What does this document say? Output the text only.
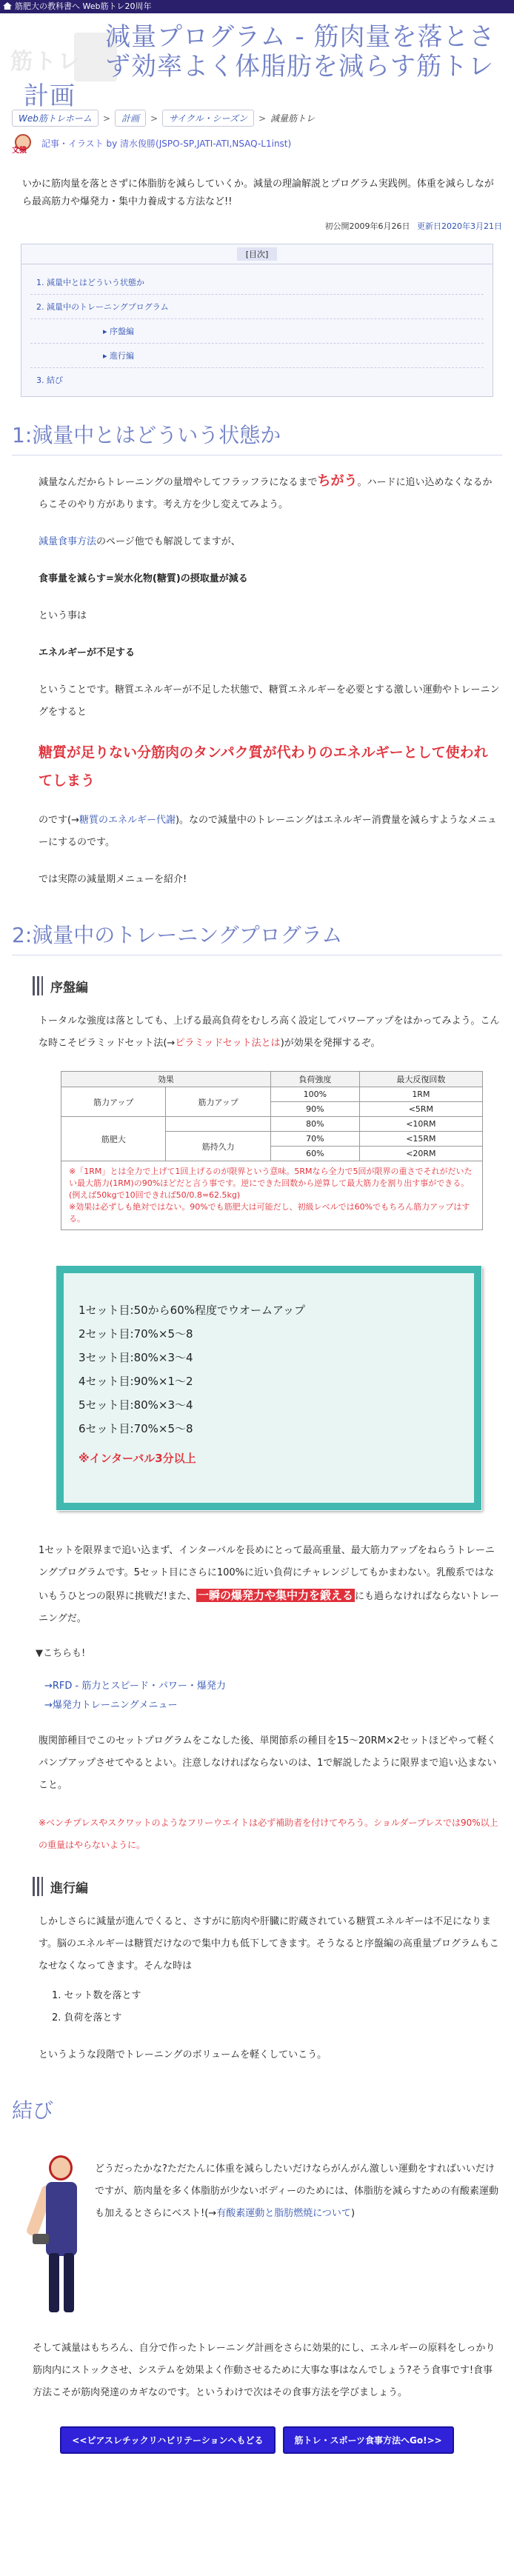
筋肥大の教科書へ Web筋トレ20周年
筋トレ
減量プログラム - 筋肉量を落とさ
ず効率よく体脂肪を減らす筋トレ
計画
Web筋トレホーム	>	計画	>	サイクル・シーズン	> 減量筋トレ
文猿
記事・イラスト by 清水俊勝(JSPO-SP,JATI-ATI,NSAQ-L1inst)

いかに筋肉量を落とさずに体脂肪を減らしていくか。減量の理論解説とプログラム実践例。体重を減らしながら最高筋力や爆発力・集中力養成する方法など!!

初公開2009年6月26日 更新日2020年3月21日
[目次]
1. 減量中とはどういう状態か
2. 減量中のトレーニングプログラム
▸ 序盤編
▸ 進行編
3. 結び
1:減量中とはどういう状態か

減量なんだからトレーニングの量増やしてフラッフラになるまでちがう。ハードに追い込めなくなるからこそのやり方があります。考え方を少し変えてみよう。

減量食事方法のページ他でも解説してますが、

食事量を減らす=炭水化物(糖質)の摂取量が減る

という事は

エネルギーが不足する

ということです。糖質エネルギーが不足した状態で、糖質エネルギーを必要とする激しい運動やトレーニングをすると

糖質が足りない分筋肉のタンパク質が代わりのエネルギーとして使われてしまう

のです(→糖質のエネルギー代謝)。なので減量中のトレーニングはエネルギー消費量を減らすようなメニューにするのです。

では実際の減量期メニューを紹介!

2:減量中のトレーニングプログラム
序盤編

トータルな強度は落としても、上げる最高負荷をむしろ高く設定してパワーアップをはかってみよう。こんな時こそピラミッドセット法(→ピラミッドセット法とは)が効果を発揮するぞ。

効果		負荷強度	最大反復回数
筋力アップ	筋力アップ	100%	1RM
		90%	<5RM
筋肥大		80%	<10RM
	筋持久力	70%	<15RM
		60%	<20RM
※「1RM」とは全力で上げて1回上げるのが限界という意味。5RMなら全力で5回が限界の重さでそれがだいたい最大筋力(1RM)の90%ほどだと言う事です。逆にできた回数から逆算して最大筋力を割り出す事ができる。(例えば50kgで10回できれば50/0.8=62.5kg)
※効果は必ずしも絶対ではない。90%でも筋肥大は可能だし、初級レベルでは60%でもちろん筋力アップはする。
1セット目:50から60%程度でウオームアップ
2セット目:70%×5〜8
3セット目:80%×3〜4
4セット目:90%×1〜2
5セット目:80%×3〜4
6セット目:70%×5〜8
※インターバル3分以上

1セットを限界まで追い込まず、インターバルを長めにとって最高重量、最大筋力アップをねらうトレーニングプログラムです。5セット目にさらに100%に近い負荷にチャレンジしてもかまわない。乳酸系ではないもうひとつの限界に挑戦だ!また、 一瞬の爆発力や集中力を鍛える にも過らなければならないトレーニングだ。

▼こちらも!
→RFD - 筋力とスピード・パワー・爆発力
→爆発力トレーニングメニュー

腹関節種目でこのセットプログラムをこなした後、単関節系の種目を15〜20RM×2セットほどやって軽くパンプアップさせてやるとよい。注意しなければならないのは、1で解説したように限界まで追い込まないこと。

※ベンチプレスやスクワットのようなフリーウエイトは必ず補助者を付けてやろう。ショルダープレスでは90%以上の重量はやらないように。

進行編

しかしさらに減量が進んでくると、さすがに筋肉や肝臓に貯蔵されている糖質エネルギーは不足になります。脳のエネルギーは糖質だけなので集中力も低下してきます。そうなると序盤編の高重量プログラムもこなせなくなってきます。そんな時は

1. セット数を落とす
2. 負荷を落とす

というような段階でトレーニングのボリュームを軽くしていこう。

結び

どうだったかな?ただたんに体重を減らしたいだけならがんがん激しい運動をすればいいだけですが、筋肉量を多く体脂肪が少ないボディーのためには、体脂肪を減らすための有酸素運動も加えるとさらにベスト!(→有酸素運動と脂肪燃焼について)

そして減量はもちろん、自分で作ったトレーニング計画をさらに効果的にし、エネルギーの原料をしっかり筋肉内にストックさせ、システムを効果よく作動させるために大事な事はなんでしょう?そう食事です!食事方法こそが筋肉発達のカギなのです。というわけで次はその食事方法を学びましょう。

<<ピアスレチックリハビリテーションへもどる	筋トレ・スポーツ食事方法へGo!>>
